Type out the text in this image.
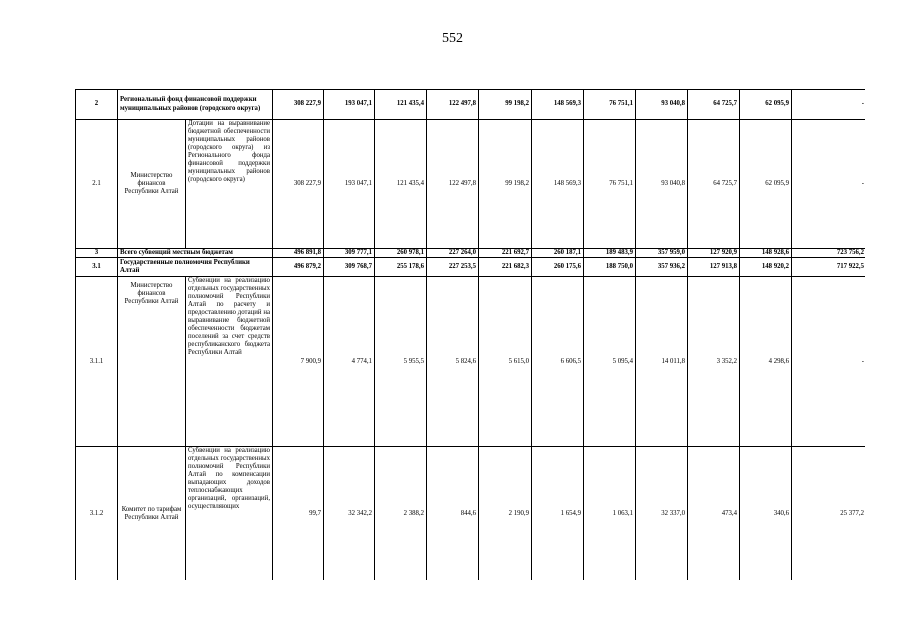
552
2	Региональный фонд финансовой поддержки муниципальных районов (городского округа)		308 227,9	193 047,1	121 435,4	122 497,8	99 198,2	148 569,3	76 751,1	93 040,8	64 725,7	62 095,9	-
2.1	Министерство финансов Республики Алтай	Дотации на выравнивание бюджетной обеспеченности муниципальных районов (городского округа) из Регионального фонда финансовой поддержки муниципальных районов (городского округа)	308 227,9	193 047,1	121 435,4	122 497,8	99 198,2	148 569,3	76 751,1	93 040,8	64 725,7	62 095,9	-
3	Всего субвенций местным бюджетам		496 891,8	309 777,1	260 978,1	227 264,0	221 692,7	260 187,1	189 483,9	357 959,0	127 920,9	148 928,6	723 756,2
3.1	Государственные полномочия Республики Алтай		496 879,2	309 768,7	255 178,6	227 253,5	221 682,3	260 175,6	188 750,0	357 936,2	127 913,8	148 920,2	717 922,5
3.1.1	Министерство финансов Республики Алтай	Субвенции на реализацию отдельных государственных полномочий Республики Алтай по расчету и предоставлению дотаций на выравнивание бюджетной обеспеченности бюджетам поселений за счет средств республиканского бюджета Республики Алтай	7 900,9	4 774,1	5 955,5	5 824,6	5 615,0	6 606,5	5 095,4	14 011,8	3 352,2	4 298,6	-
3.1.2	Комитет по тарифам Республики Алтай	Субвенции на реализацию отдельных государственных полномочий Республики Алтай по компенсации выпадающих доходов теплоснабжающих организаций, организаций, осуществляющих	99,7	32 342,2	2 388,2	844,6	2 190,9	1 654,9	1 063,1	32 337,0	473,4	340,6	25 377,2
